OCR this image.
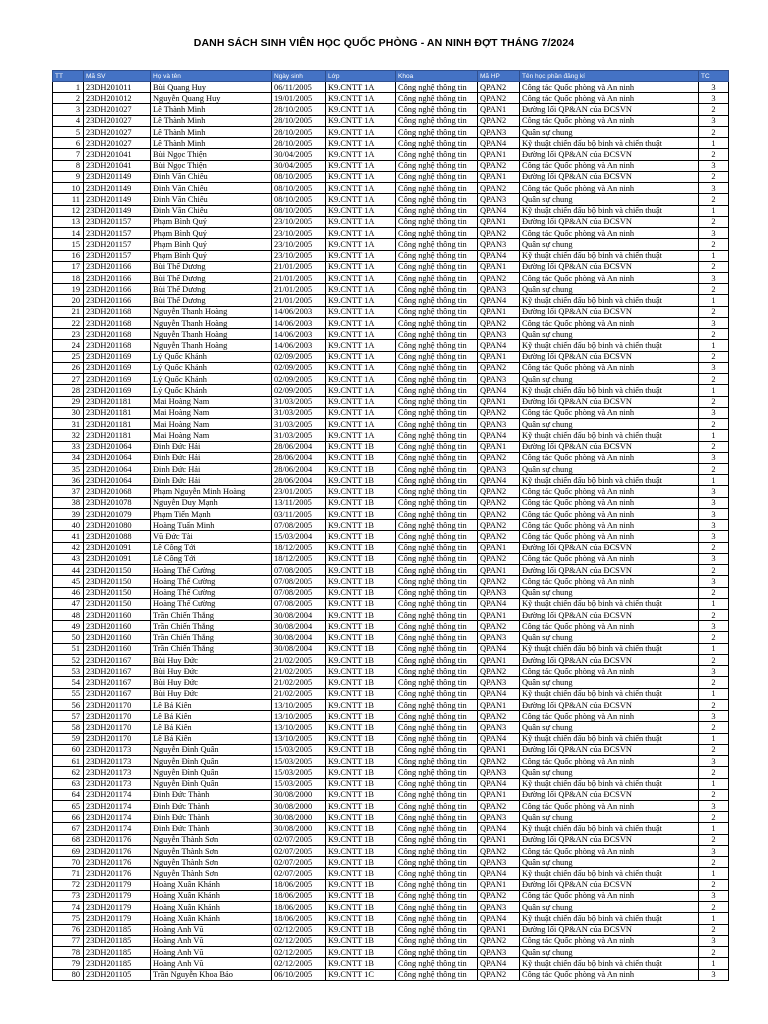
DANH SÁCH SINH VIÊN HỌC QUỐC PHÒNG - AN NINH ĐỢT THÁNG 7/2024
TT	Mã SV	Họ và tên	Ngày sinh	Lớp	Khoa	Mã HP	Tên học phần đăng kí	TC
1	23DH201011	Bùi Quang Huy	06/11/2005	K9.CNTT 1A	Công nghệ thông tin	QPAN2	Công tác Quốc phòng và An ninh	3
2	23DH201012	Nguyễn Quang Huy	19/01/2005	K9.CNTT 1A	Công nghệ thông tin	QPAN2	Công tác Quốc phòng và An ninh	3
3	23DH201027	Lê Thành Minh	28/10/2005	K9.CNTT 1A	Công nghệ thông tin	QPAN1	Đường lối QP&AN của ĐCSVN	2
4	23DH201027	Lê Thành Minh	28/10/2005	K9.CNTT 1A	Công nghệ thông tin	QPAN2	Công tác Quốc phòng và An ninh	3
5	23DH201027	Lê Thành Minh	28/10/2005	K9.CNTT 1A	Công nghệ thông tin	QPAN3	Quân sự chung	2
6	23DH201027	Lê Thành Minh	28/10/2005	K9.CNTT 1A	Công nghệ thông tin	QPAN4	Kỹ thuật chiến đấu bộ binh và chiến thuật	1
7	23DH201041	Bùi Ngọc Thiện	30/04/2005	K9.CNTT 1A	Công nghệ thông tin	QPAN1	Đường lối QP&AN của ĐCSVN	2
8	23DH201041	Bùi Ngọc Thiện	30/04/2005	K9.CNTT 1A	Công nghệ thông tin	QPAN2	Công tác Quốc phòng và An ninh	3
9	23DH201149	Đinh Văn Chiêu	08/10/2005	K9.CNTT 1A	Công nghệ thông tin	QPAN1	Đường lối QP&AN của ĐCSVN	2
10	23DH201149	Đinh Văn Chiêu	08/10/2005	K9.CNTT 1A	Công nghệ thông tin	QPAN2	Công tác Quốc phòng và An ninh	3
11	23DH201149	Đinh Văn Chiêu	08/10/2005	K9.CNTT 1A	Công nghệ thông tin	QPAN3	Quân sự chung	2
12	23DH201149	Đinh Văn Chiêu	08/10/2005	K9.CNTT 1A	Công nghệ thông tin	QPAN4	Kỹ thuật chiến đấu bộ binh và chiến thuật	1
13	23DH201157	Phạm Bình Quý	23/10/2005	K9.CNTT 1A	Công nghệ thông tin	QPAN1	Đường lối QP&AN của ĐCSVN	2
14	23DH201157	Phạm Bình Quý	23/10/2005	K9.CNTT 1A	Công nghệ thông tin	QPAN2	Công tác Quốc phòng và An ninh	3
15	23DH201157	Phạm Bình Quý	23/10/2005	K9.CNTT 1A	Công nghệ thông tin	QPAN3	Quân sự chung	2
16	23DH201157	Phạm Bình Quý	23/10/2005	K9.CNTT 1A	Công nghệ thông tin	QPAN4	Kỹ thuật chiến đấu bộ binh và chiến thuật	1
17	23DH201166	Bùi Thế Dương	21/01/2005	K9.CNTT 1A	Công nghệ thông tin	QPAN1	Đường lối QP&AN của ĐCSVN	2
18	23DH201166	Bùi Thế Dương	21/01/2005	K9.CNTT 1A	Công nghệ thông tin	QPAN2	Công tác Quốc phòng và An ninh	3
19	23DH201166	Bùi Thế Dương	21/01/2005	K9.CNTT 1A	Công nghệ thông tin	QPAN3	Quân sự chung	2
20	23DH201166	Bùi Thế Dương	21/01/2005	K9.CNTT 1A	Công nghệ thông tin	QPAN4	Kỹ thuật chiến đấu bộ binh và chiến thuật	1
21	23DH201168	Nguyễn Thanh Hoàng	14/06/2003	K9.CNTT 1A	Công nghệ thông tin	QPAN1	Đường lối QP&AN của ĐCSVN	2
22	23DH201168	Nguyễn Thanh Hoàng	14/06/2003	K9.CNTT 1A	Công nghệ thông tin	QPAN2	Công tác Quốc phòng và An ninh	3
23	23DH201168	Nguyễn Thanh Hoàng	14/06/2003	K9.CNTT 1A	Công nghệ thông tin	QPAN3	Quân sự chung	2
24	23DH201168	Nguyễn Thanh Hoàng	14/06/2003	K9.CNTT 1A	Công nghệ thông tin	QPAN4	Kỹ thuật chiến đấu bộ binh và chiến thuật	1
25	23DH201169	Lý Quốc Khánh	02/09/2005	K9.CNTT 1A	Công nghệ thông tin	QPAN1	Đường lối QP&AN của ĐCSVN	2
26	23DH201169	Lý Quốc Khánh	02/09/2005	K9.CNTT 1A	Công nghệ thông tin	QPAN2	Công tác Quốc phòng và An ninh	3
27	23DH201169	Lý Quốc Khánh	02/09/2005	K9.CNTT 1A	Công nghệ thông tin	QPAN3	Quân sự chung	2
28	23DH201169	Lý Quốc Khánh	02/09/2005	K9.CNTT 1A	Công nghệ thông tin	QPAN4	Kỹ thuật chiến đấu bộ binh và chiến thuật	1
29	23DH201181	Mai Hoàng Nam	31/03/2005	K9.CNTT 1A	Công nghệ thông tin	QPAN1	Đường lối QP&AN của ĐCSVN	2
30	23DH201181	Mai Hoàng Nam	31/03/2005	K9.CNTT 1A	Công nghệ thông tin	QPAN2	Công tác Quốc phòng và An ninh	3
31	23DH201181	Mai Hoàng Nam	31/03/2005	K9.CNTT 1A	Công nghệ thông tin	QPAN3	Quân sự chung	2
32	23DH201181	Mai Hoàng Nam	31/03/2005	K9.CNTT 1A	Công nghệ thông tin	QPAN4	Kỹ thuật chiến đấu bộ binh và chiến thuật	1
33	23DH201064	Đinh Đức Hải	28/06/2004	K9.CNTT 1B	Công nghệ thông tin	QPAN1	Đường lối QP&AN của ĐCSVN	2
34	23DH201064	Đinh Đức Hải	28/06/2004	K9.CNTT 1B	Công nghệ thông tin	QPAN2	Công tác Quốc phòng và An ninh	3
35	23DH201064	Đinh Đức Hải	28/06/2004	K9.CNTT 1B	Công nghệ thông tin	QPAN3	Quân sự chung	2
36	23DH201064	Đinh Đức Hải	28/06/2004	K9.CNTT 1B	Công nghệ thông tin	QPAN4	Kỹ thuật chiến đấu bộ binh và chiến thuật	1
37	23DH201068	Phạm Nguyễn Minh Hoàng	23/01/2005	K9.CNTT 1B	Công nghệ thông tin	QPAN2	Công tác Quốc phòng và An ninh	3
38	23DH201078	Nguyễn Duy Mạnh	13/11/2005	K9.CNTT 1B	Công nghệ thông tin	QPAN2	Công tác Quốc phòng và An ninh	3
39	23DH201079	Phạm Tiến Mạnh	03/11/2005	K9.CNTT 1B	Công nghệ thông tin	QPAN2	Công tác Quốc phòng và An ninh	3
40	23DH201080	Hoàng Tuấn Minh	07/08/2005	K9.CNTT 1B	Công nghệ thông tin	QPAN2	Công tác Quốc phòng và An ninh	3
41	23DH201088	Vũ Đức Tài	15/03/2004	K9.CNTT 1B	Công nghệ thông tin	QPAN2	Công tác Quốc phòng và An ninh	3
42	23DH201091	Lê Công Tới	18/12/2005	K9.CNTT 1B	Công nghệ thông tin	QPAN1	Đường lối QP&AN của ĐCSVN	2
43	23DH201091	Lê Công Tới	18/12/2005	K9.CNTT 1B	Công nghệ thông tin	QPAN2	Công tác Quốc phòng và An ninh	3
44	23DH201150	Hoàng Thế Cường	07/08/2005	K9.CNTT 1B	Công nghệ thông tin	QPAN1	Đường lối QP&AN của ĐCSVN	2
45	23DH201150	Hoàng Thế Cường	07/08/2005	K9.CNTT 1B	Công nghệ thông tin	QPAN2	Công tác Quốc phòng và An ninh	3
46	23DH201150	Hoàng Thế Cường	07/08/2005	K9.CNTT 1B	Công nghệ thông tin	QPAN3	Quân sự chung	2
47	23DH201150	Hoàng Thế Cường	07/08/2005	K9.CNTT 1B	Công nghệ thông tin	QPAN4	Kỹ thuật chiến đấu bộ binh và chiến thuật	1
48	23DH201160	Trần Chiến Thắng	30/08/2004	K9.CNTT 1B	Công nghệ thông tin	QPAN1	Đường lối QP&AN của ĐCSVN	2
49	23DH201160	Trần Chiến Thắng	30/08/2004	K9.CNTT 1B	Công nghệ thông tin	QPAN2	Công tác Quốc phòng và An ninh	3
50	23DH201160	Trần Chiến Thắng	30/08/2004	K9.CNTT 1B	Công nghệ thông tin	QPAN3	Quân sự chung	2
51	23DH201160	Trần Chiến Thắng	30/08/2004	K9.CNTT 1B	Công nghệ thông tin	QPAN4	Kỹ thuật chiến đấu bộ binh và chiến thuật	1
52	23DH201167	Bùi Huy Đức	21/02/2005	K9.CNTT 1B	Công nghệ thông tin	QPAN1	Đường lối QP&AN của ĐCSVN	2
53	23DH201167	Bùi Huy Đức	21/02/2005	K9.CNTT 1B	Công nghệ thông tin	QPAN2	Công tác Quốc phòng và An ninh	3
54	23DH201167	Bùi Huy Đức	21/02/2005	K9.CNTT 1B	Công nghệ thông tin	QPAN3	Quân sự chung	2
55	23DH201167	Bùi Huy Đức	21/02/2005	K9.CNTT 1B	Công nghệ thông tin	QPAN4	Kỹ thuật chiến đấu bộ binh và chiến thuật	1
56	23DH201170	Lê Bá Kiên	13/10/2005	K9.CNTT 1B	Công nghệ thông tin	QPAN1	Đường lối QP&AN của ĐCSVN	2
57	23DH201170	Lê Bá Kiên	13/10/2005	K9.CNTT 1B	Công nghệ thông tin	QPAN2	Công tác Quốc phòng và An ninh	3
58	23DH201170	Lê Bá Kiên	13/10/2005	K9.CNTT 1B	Công nghệ thông tin	QPAN3	Quân sự chung	2
59	23DH201170	Lê Bá Kiên	13/10/2005	K9.CNTT 1B	Công nghệ thông tin	QPAN4	Kỹ thuật chiến đấu bộ binh và chiến thuật	1
60	23DH201173	Nguyễn Đình Quân	15/03/2005	K9.CNTT 1B	Công nghệ thông tin	QPAN1	Đường lối QP&AN của ĐCSVN	2
61	23DH201173	Nguyễn Đình Quân	15/03/2005	K9.CNTT 1B	Công nghệ thông tin	QPAN2	Công tác Quốc phòng và An ninh	3
62	23DH201173	Nguyễn Đình Quân	15/03/2005	K9.CNTT 1B	Công nghệ thông tin	QPAN3	Quân sự chung	2
63	23DH201173	Nguyễn Đình Quân	15/03/2005	K9.CNTT 1B	Công nghệ thông tin	QPAN4	Kỹ thuật chiến đấu bộ binh và chiến thuật	1
64	23DH201174	Đinh Đức Thành	30/08/2000	K9.CNTT 1B	Công nghệ thông tin	QPAN1	Đường lối QP&AN của ĐCSVN	2
65	23DH201174	Đinh Đức Thành	30/08/2000	K9.CNTT 1B	Công nghệ thông tin	QPAN2	Công tác Quốc phòng và An ninh	3
66	23DH201174	Đinh Đức Thành	30/08/2000	K9.CNTT 1B	Công nghệ thông tin	QPAN3	Quân sự chung	2
67	23DH201174	Đinh Đức Thành	30/08/2000	K9.CNTT 1B	Công nghệ thông tin	QPAN4	Kỹ thuật chiến đấu bộ binh và chiến thuật	1
68	23DH201176	Nguyễn Thành Sơn	02/07/2005	K9.CNTT 1B	Công nghệ thông tin	QPAN1	Đường lối QP&AN của ĐCSVN	2
69	23DH201176	Nguyễn Thành Sơn	02/07/2005	K9.CNTT 1B	Công nghệ thông tin	QPAN2	Công tác Quốc phòng và An ninh	3
70	23DH201176	Nguyễn Thành Sơn	02/07/2005	K9.CNTT 1B	Công nghệ thông tin	QPAN3	Quân sự chung	2
71	23DH201176	Nguyễn Thành Sơn	02/07/2005	K9.CNTT 1B	Công nghệ thông tin	QPAN4	Kỹ thuật chiến đấu bộ binh và chiến thuật	1
72	23DH201179	Hoàng Xuân Khánh	18/06/2005	K9.CNTT 1B	Công nghệ thông tin	QPAN1	Đường lối QP&AN của ĐCSVN	2
73	23DH201179	Hoàng Xuân Khánh	18/06/2005	K9.CNTT 1B	Công nghệ thông tin	QPAN2	Công tác Quốc phòng và An ninh	3
74	23DH201179	Hoàng Xuân Khánh	18/06/2005	K9.CNTT 1B	Công nghệ thông tin	QPAN3	Quân sự chung	2
75	23DH201179	Hoàng Xuân Khánh	18/06/2005	K9.CNTT 1B	Công nghệ thông tin	QPAN4	Kỹ thuật chiến đấu bộ binh và chiến thuật	1
76	23DH201185	Hoàng Anh Vũ	02/12/2005	K9.CNTT 1B	Công nghệ thông tin	QPAN1	Đường lối QP&AN của ĐCSVN	2
77	23DH201185	Hoàng Anh Vũ	02/12/2005	K9.CNTT 1B	Công nghệ thông tin	QPAN2	Công tác Quốc phòng và An ninh	3
78	23DH201185	Hoàng Anh Vũ	02/12/2005	K9.CNTT 1B	Công nghệ thông tin	QPAN3	Quân sự chung	2
79	23DH201185	Hoàng Anh Vũ	02/12/2005	K9.CNTT 1B	Công nghệ thông tin	QPAN4	Kỹ thuật chiến đấu bộ binh và chiến thuật	1
80	23DH201105	Trần Nguyễn Khoa Bảo	06/10/2005	K9.CNTT 1C	Công nghệ thông tin	QPAN2	Công tác Quốc phòng và An ninh	3
